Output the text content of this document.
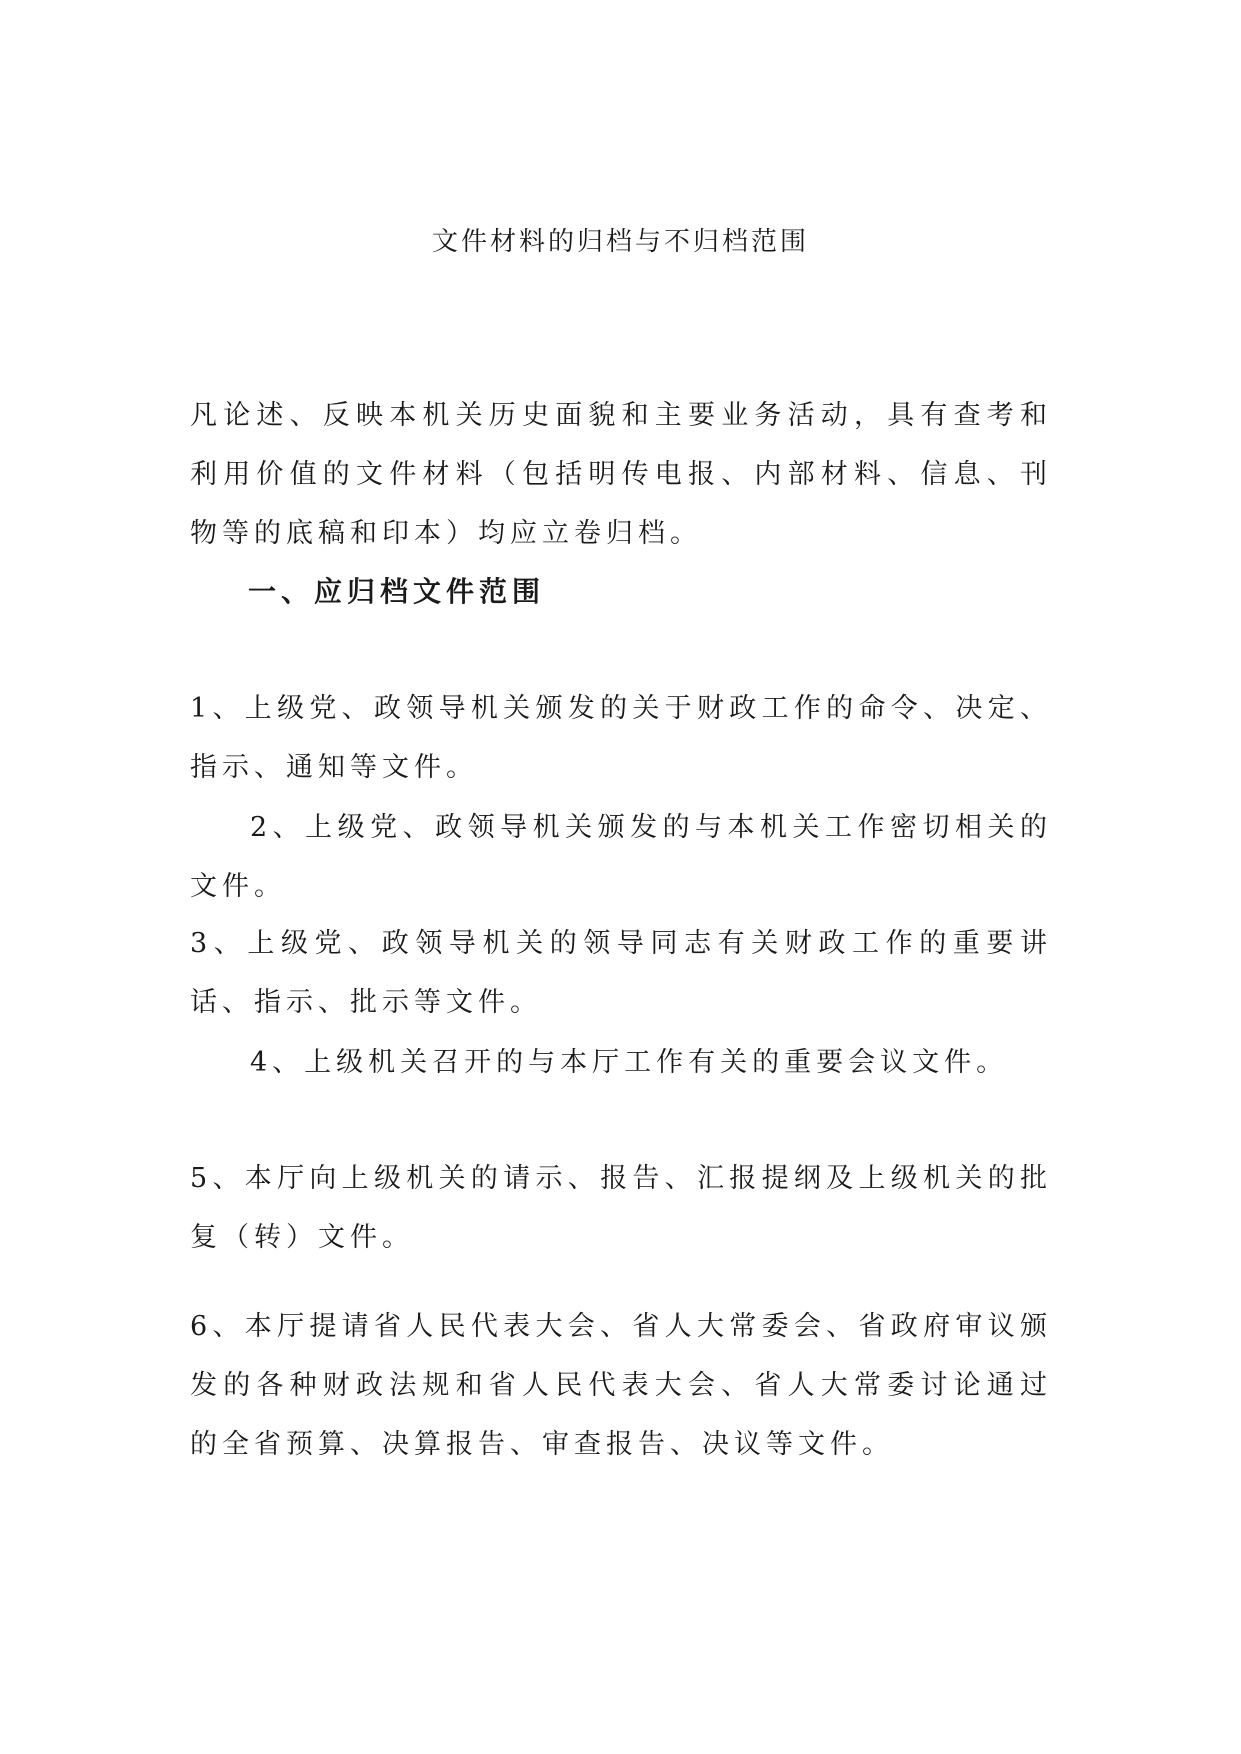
文件材料的归档与不归档范围

凡论述、反映本机关历史面貌和主要业务活动，具有查考和利用价值的文件材料（包括明传电报、内部材料、信息、刊物等的底稿和印本）均应立卷归档。

一、应归档文件范围

1、上级党、政领导机关颁发的关于财政工作的命令、决定、指示、通知等文件。

2、上级党、政领导机关颁发的与本机关工作密切相关的文件。

3、上级党、政领导机关的领导同志有关财政工作的重要讲话、指示、批示等文件。

4、上级机关召开的与本厅工作有关的重要会议文件。

5、本厅向上级机关的请示、报告、汇报提纲及上级机关的批复（转）文件。

6、本厅提请省人民代表大会、省人大常委会、省政府审议颁发的各种财政法规和省人民代表大会、省人大常委讨论通过的全省预算、决算报告、审查报告、决议等文件。
